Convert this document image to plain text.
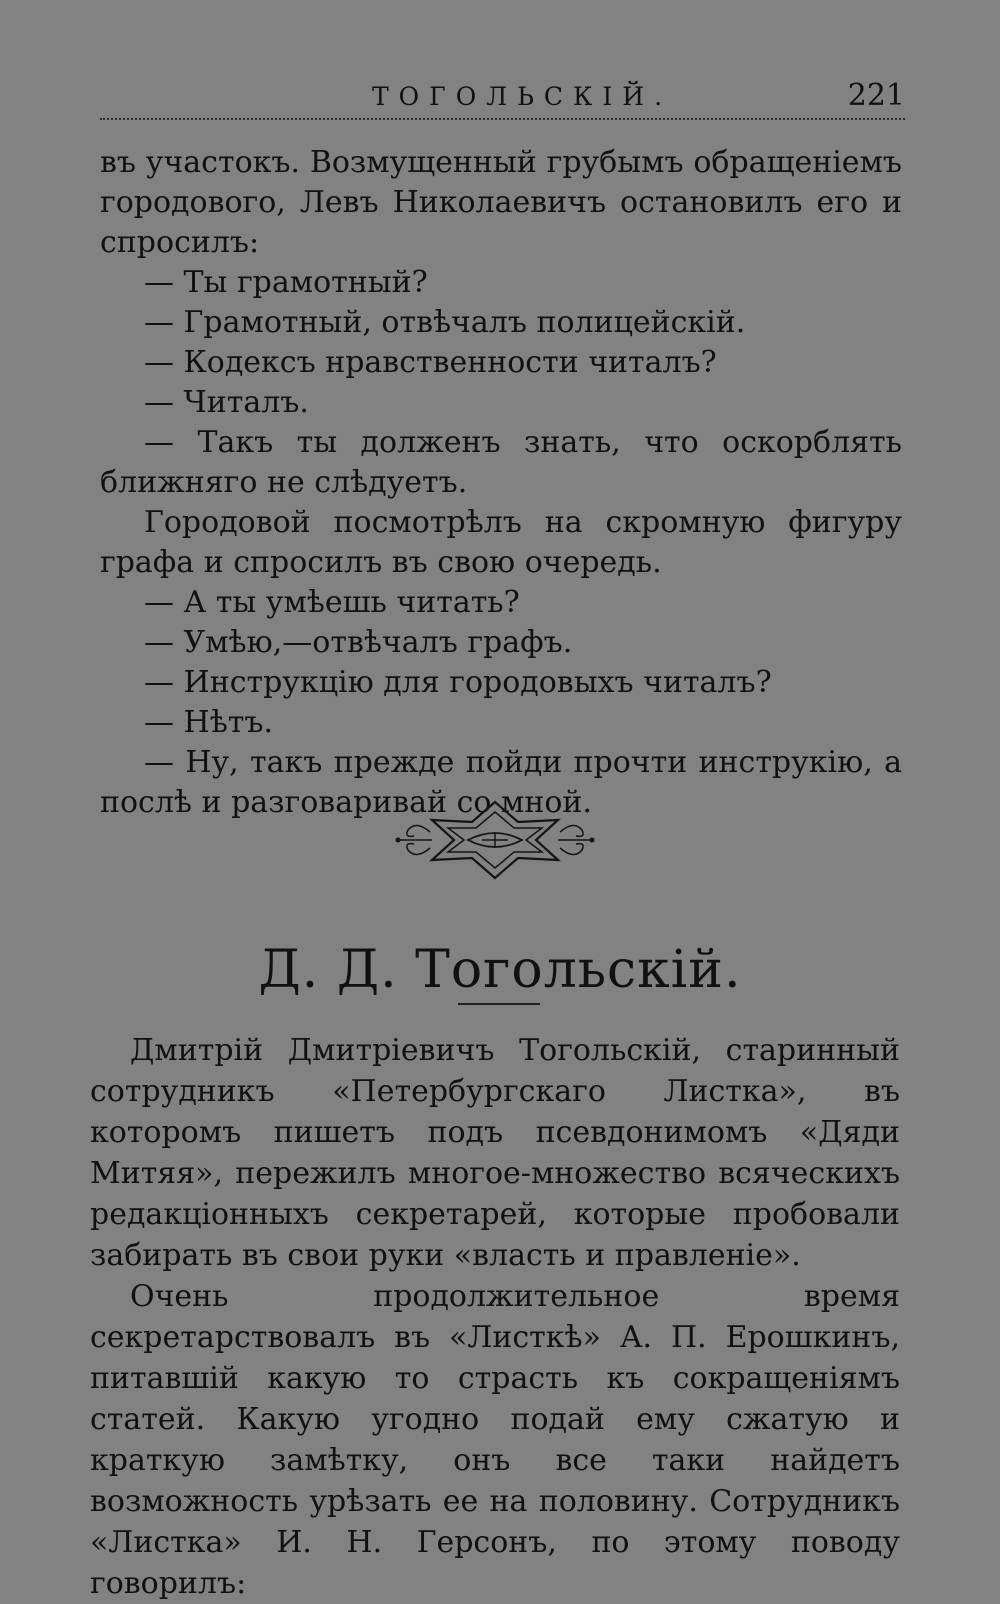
ТОГОЛЬСКІЙ.	221

въ участокъ. Возмущенный грубымъ обращеніемъ городового, Левъ Николаевичъ остановилъ его и спросилъ:

— Ты грамотный?

— Грамотный, отвѣчалъ полицейскій.

— Кодексъ нравственности читалъ?

— Читалъ.

— Такъ ты долженъ знать, что оскорблять ближняго не слѣдуетъ.

Городовой посмотрѣлъ на скромную фигуру графа и спросилъ въ свою очередь.

— А ты умѣешь читать?

— Умѣю,—отвѣчалъ графъ.

— Инструкцію для городовыхъ читалъ?

— Нѣтъ.

— Ну, такъ прежде пойди прочти инструкію, а послѣ и разговаривай со мной.

Д. Д. Тогольскій.

Дмитрій Дмитріевичъ Тогольскій, старинный сотрудникъ «Петербургскаго Листка», въ которомъ пишетъ подъ псевдонимомъ «Дяди Митяя», пережилъ многое-множество всяческихъ редакціонныхъ секретарей, которые пробовали забирать въ свои руки «власть и правленіе».

Очень продолжительное время секретарствовалъ въ «Листкѣ» А. П. Ерошкинъ, питавшій какую то страсть къ сокращеніямъ статей. Какую угодно подай ему сжатую и краткую замѣтку, онъ все таки найдетъ возможность урѣзать ее на половину. Сотрудникъ «Листка» И. Н. Герсонъ, по этому поводу говорилъ:
